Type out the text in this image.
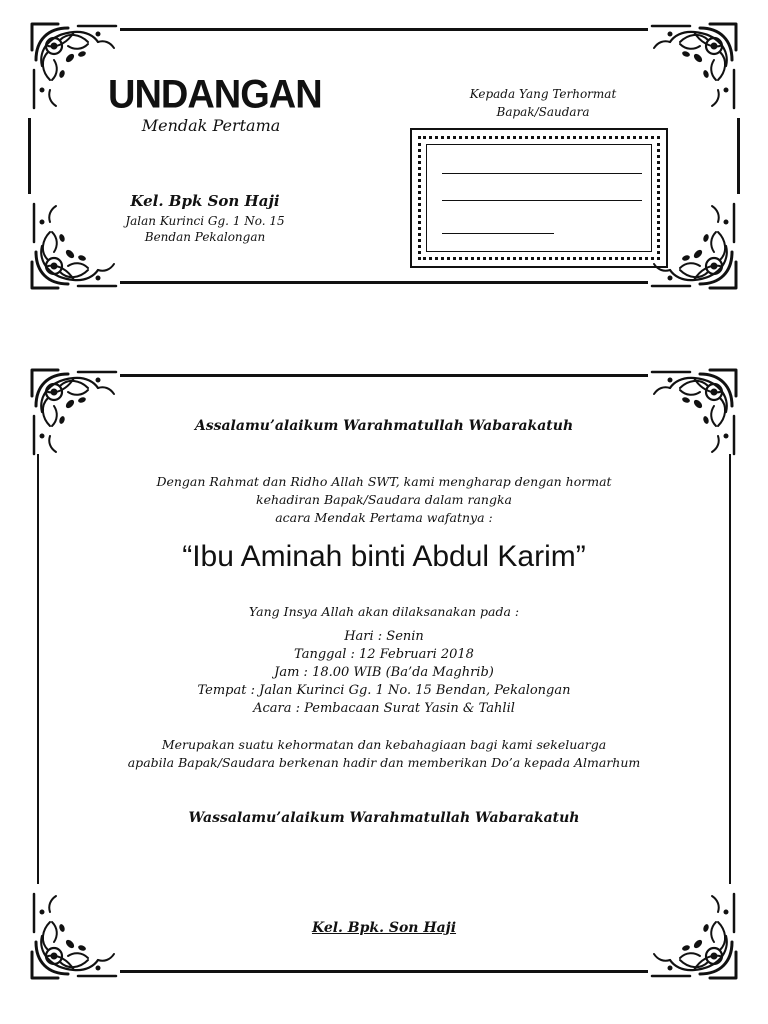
UNDANGAN
Mendak Pertama
Kel. Bpk Son Haji
Jalan Kurinci Gg. 1 No. 15
Bendan Pekalongan
Kepada Yang Terhormat
Bapak/Saudara
Assalamu’alaikum Warahmatullah Wabarakatuh
Dengan Rahmat dan Ridho Allah SWT, kami mengharap dengan hormat
kehadiran Bapak/Saudara dalam rangka
acara Mendak Pertama wafatnya :
“Ibu Aminah binti Abdul Karim”
Yang Insya Allah akan dilaksanakan pada :
Hari : Senin
Tanggal : 12 Februari 2018
Jam : 18.00 WIB (Ba’da Maghrib)
Tempat : Jalan Kurinci Gg. 1 No. 15 Bendan, Pekalongan
Acara : Pembacaan Surat Yasin & Tahlil
Merupakan suatu kehormatan dan kebahagiaan bagi kami sekeluarga
apabila Bapak/Saudara berkenan hadir dan memberikan Do’a kepada Almarhum
Wassalamu’alaikum Warahmatullah Wabarakatuh
Kel. Bpk. Son Haji
